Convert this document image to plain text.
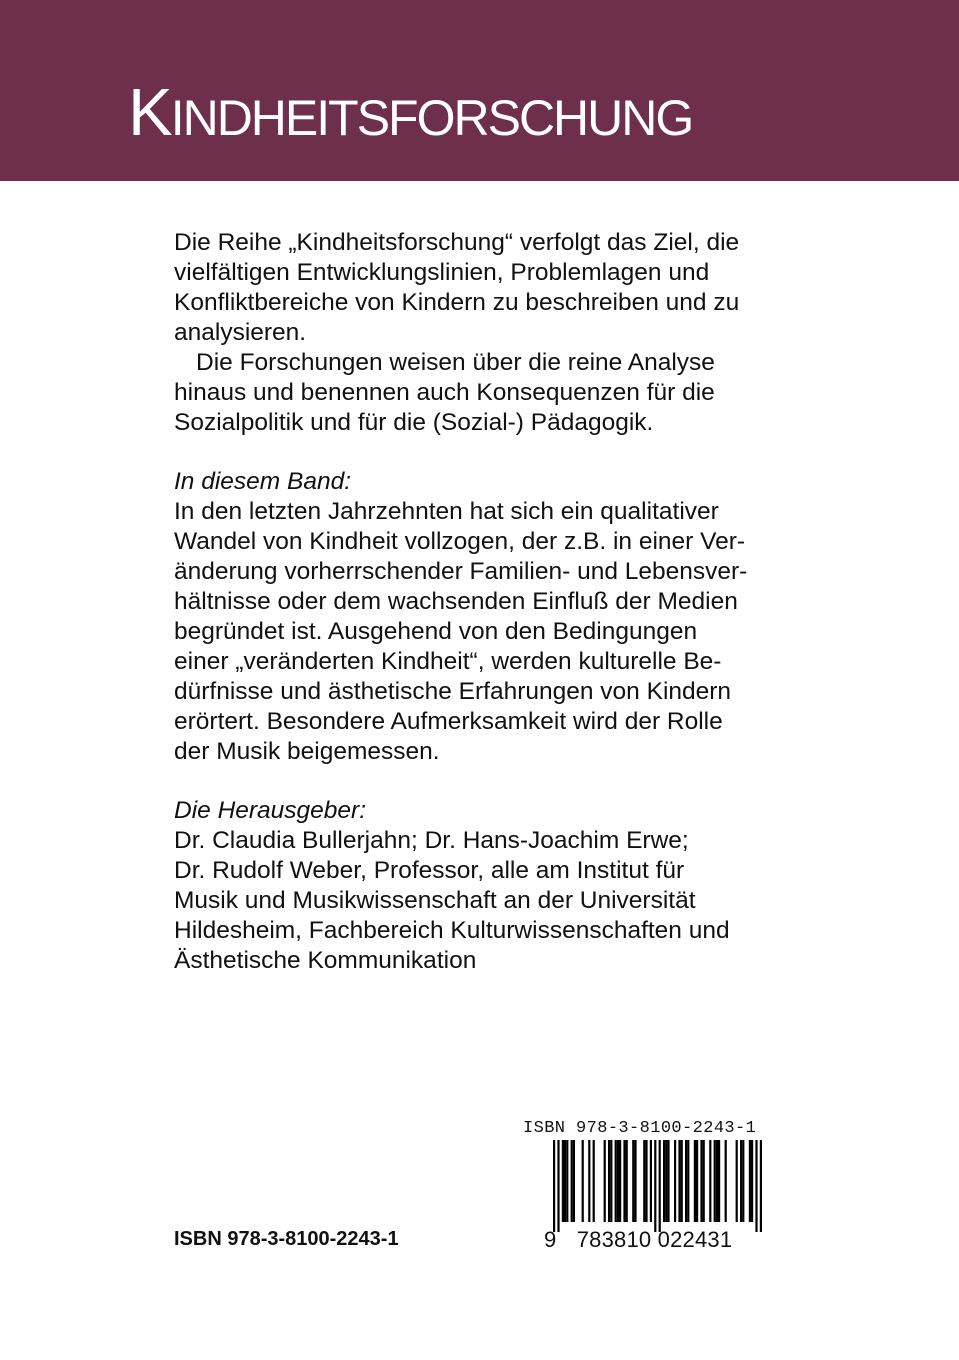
KINDHEITSFORSCHUNG
Die Reihe „Kindheitsforschung“ verfolgt das Ziel, die
vielfältigen Entwicklungslinien, Problemlagen und
Konfliktbereiche von Kindern zu beschreiben und zu
analysieren.
Die Forschungen weisen über die reine Analyse
hinaus und benennen auch Konsequenzen für die
Sozialpolitik und für die (Sozial-) Pädagogik.
In diesem Band:
In den letzten Jahrzehnten hat sich ein qualitativer
Wandel von Kindheit vollzogen, der z.B. in einer Ver-
änderung vorherrschender Familien- und Lebensver-
hältnisse oder dem wachsenden Einfluß der Medien
begründet ist. Ausgehend von den Bedingungen
einer „veränderten Kindheit“, werden kulturelle Be-
dürfnisse und ästhetische Erfahrungen von Kindern
erörtert. Besondere Aufmerksamkeit wird der Rolle
der Musik beigemessen.
Die Herausgeber:
Dr. Claudia Bullerjahn; Dr. Hans-Joachim Erwe;
Dr. Rudolf Weber, Professor, alle am Institut für
Musik und Musikwissenschaft an der Universität
Hildesheim, Fachbereich Kulturwissenschaften und
Ästhetische Kommunikation
ISBN 978-3-8100-2243-1
ISBN 978-3-8100-2243-1
9 783810 022431
